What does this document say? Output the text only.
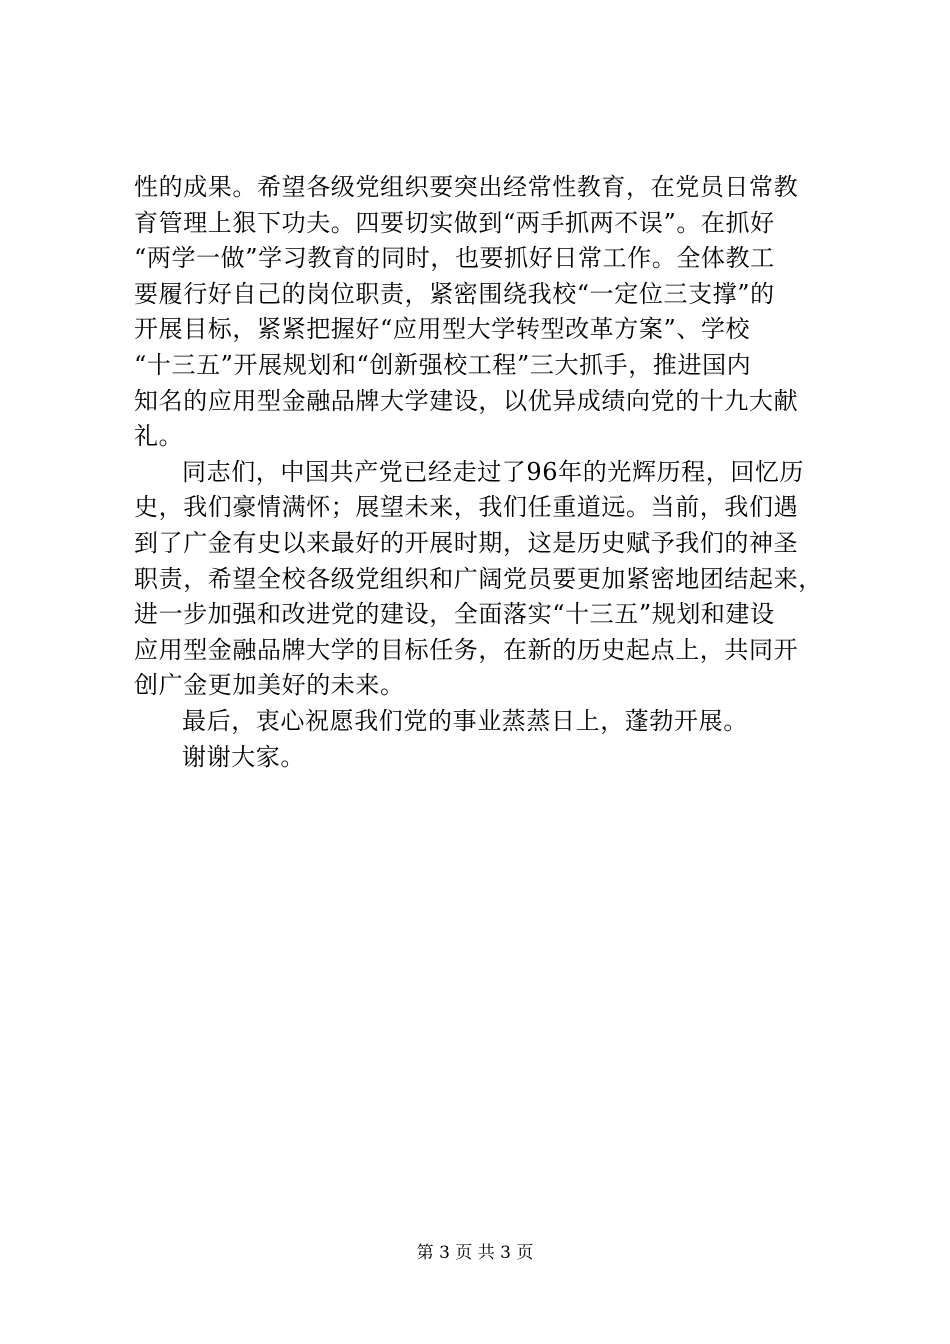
性的成果。希望各级党组织要突出经常性教育，在党员日常教
育管理上狠下功夫。四要切实做到“两手抓两不误”。在抓好
“两学一做”学习教育的同时，也要抓好日常工作。全体教工
要履行好自己的岗位职责，紧密围绕我校“一定位三支撑”的
开展目标，紧紧把握好“应用型大学转型改革方案”、学校
“十三五”开展规划和“创新强校工程”三大抓手，推进国内
知名的应用型金融品牌大学建设，以优异成绩向党的十九大献
礼。
同志们，中国共产党已经走过了96年的光辉历程，回忆历
史，我们豪情满怀；展望未来，我们任重道远。当前，我们遇
到了广金有史以来最好的开展时期，这是历史赋予我们的神圣
职责，希望全校各级党组织和广阔党员要更加紧密地团结起来，
进一步加强和改进党的建设，全面落实“十三五”规划和建设
应用型金融品牌大学的目标任务，在新的历史起点上，共同开
创广金更加美好的未来。
最后，衷心祝愿我们党的事业蒸蒸日上，蓬勃开展。
谢谢大家。
第 3 页 共 3 页
